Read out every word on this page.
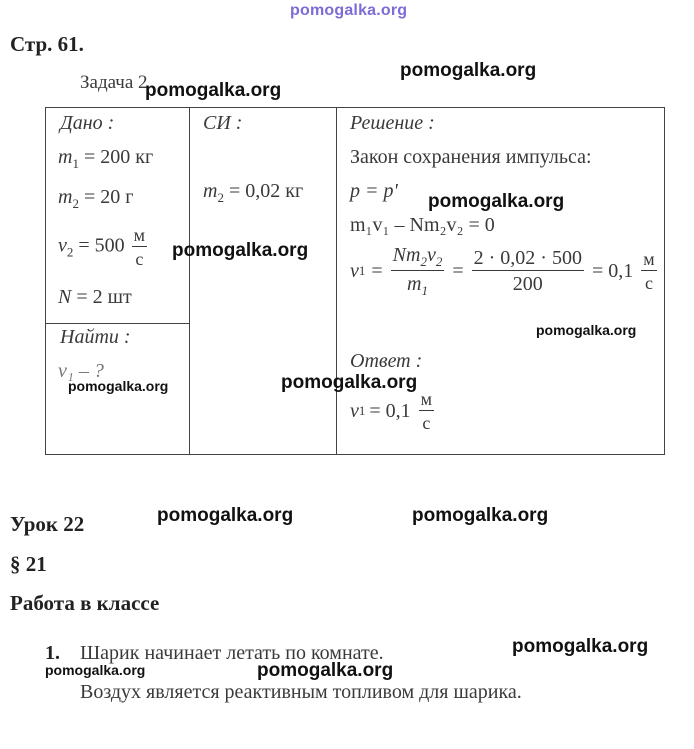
pomogalka.org
Стр. 61.
Задача 2
Дано :
$m_1 = 200$ кг
$m_2 = 20$ г
$v_2 = 500 \frac{м}{с}$
N = 2 шт
Найти :
v₁ – ?
СИ :
$m_2 = 0,02$ кг
Решение :
Закон сохранения импульса:
p = p'
m₁v₁ – Nm₂v₂ = 0
v $1 = \frac{Nm_2v_2}{m_1} = \frac{2 \cdot 0,02 \cdot 500}{200} = 0,1 \frac{м}{с}$
Ответ :
v $1 = 0,1 \frac{м}{с}$
Урок 22
§ 21
Работа в классе
1. Шарик начинает летать по комнате.
Воздух является реактивным топливом для шарика.
pomogalka.org
pomogalka.org
pomogalka.org
pomogalka.org
pomogalka.org
pomogalka.org
pomogalka.org
pomogalka.org	pomogalka.org
pomogalka.org
pomogalka.org	pomogalka.org
